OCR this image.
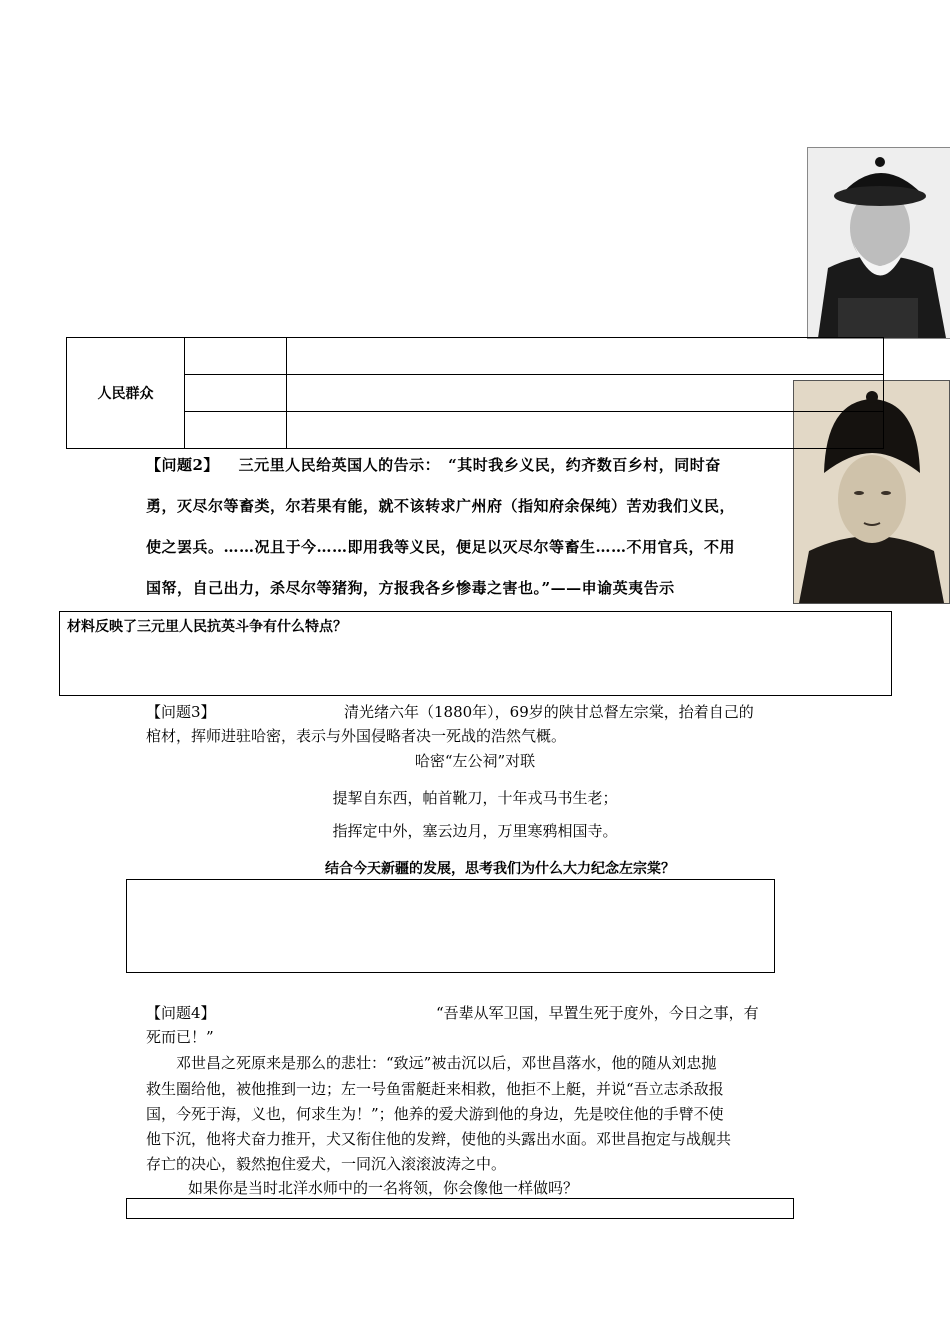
人民群众
【问题2】 三元里人民给英国人的告示：　“其时我乡义民，约齐数百乡村，同时奋
勇，灭尽尔等畜类，尔若果有能，就不该转求广州府（指知府余保纯）苦劝我们义民，
使之罢兵。……况且于今……即用我等义民，便足以灭尽尔等畜生……不用官兵，不用
国帑，自己出力，杀尽尔等猪狗，方报我各乡惨毒之害也。”——申谕英夷告示
材料反映了三元里人民抗英斗争有什么特点？
【问题3】	清光绪六年（1880年），69岁的陕甘总督左宗棠，抬着自己的
棺材，挥师进驻哈密，表示与外国侵略者决一死战的浩然气概。
哈密“左公祠”对联
提挈自东西，帕首靴刀，十年戎马书生老；
指挥定中外，塞云边月，万里寒鸦相国寺。
结合今天新疆的发展，思考我们为什么大力纪念左宗棠？
【问题4】	“吾辈从军卫国，早置生死于度外，今日之事，有
死而已！”
邓世昌之死原来是那么的悲壮：“致远”被击沉以后，邓世昌落水，他的随从刘忠抛
救生圈给他，被他推到一边；左一号鱼雷艇赶来相救，他拒不上艇，并说“吾立志杀敌报
国，今死于海，义也，何求生为！”；他养的爱犬游到他的身边，先是咬住他的手臂不使
他下沉，他将犬奋力推开，犬又衔住他的发辫，使他的头露出水面。邓世昌抱定与战舰共
存亡的决心，毅然抱住爱犬，一同沉入滚滚波涛之中。
如果你是当时北洋水师中的一名将领，你会像他一样做吗？
